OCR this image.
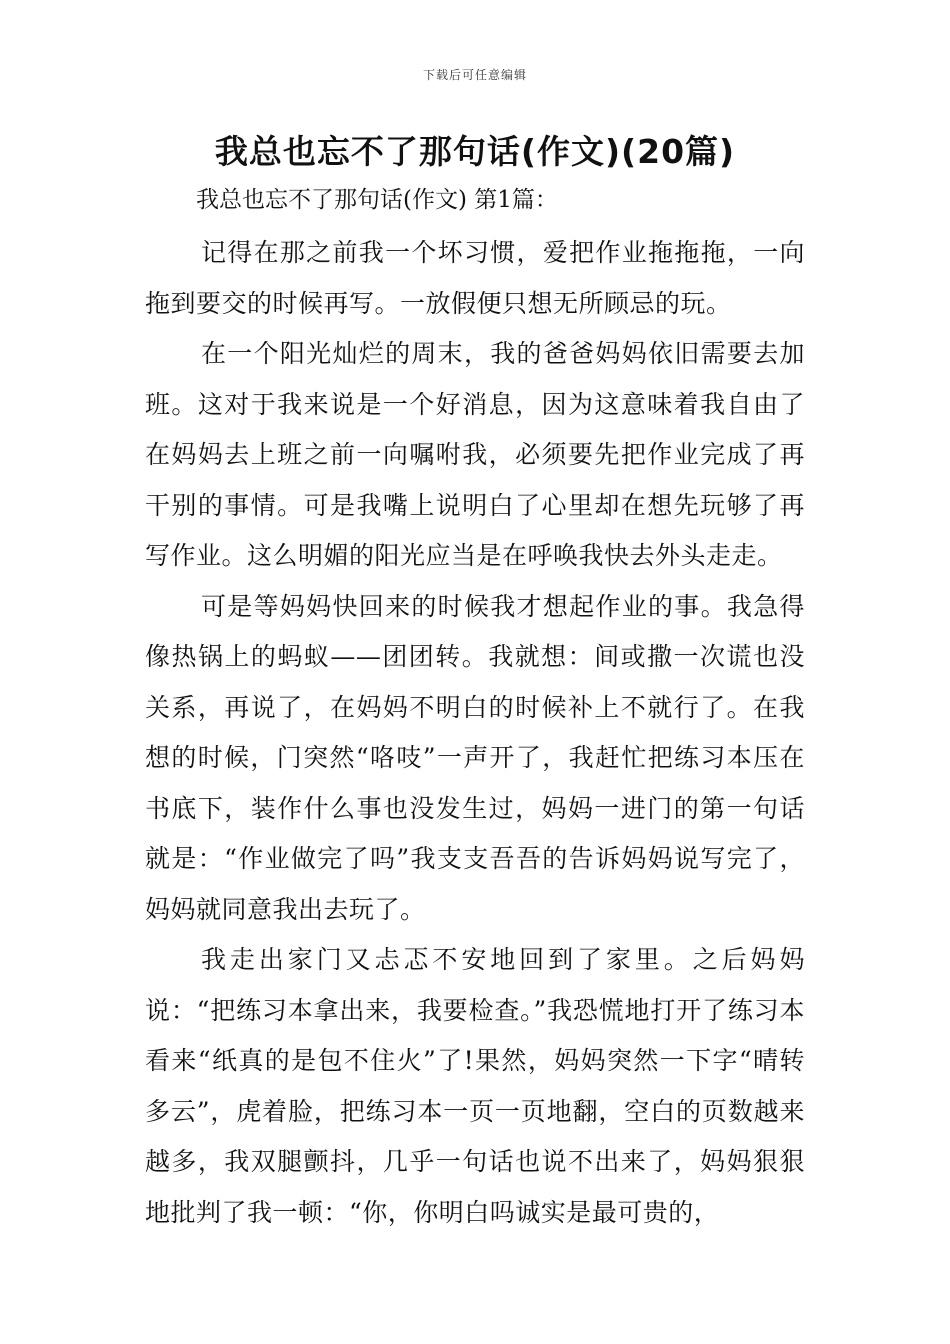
下载后可任意编辑
我总也忘不了那句话(作文)(20篇)

我总也忘不了那句话(作文) 第1篇：

记得在那之前我一个坏习惯，爱把作业拖拖拖，一向拖到要交的时候再写。一放假便只想无所顾忌的玩。

在一个阳光灿烂的周末，我的爸爸妈妈依旧需要去加班。这对于我来说是一个好消息，因为这意味着我自由了在妈妈去上班之前一向嘱咐我，必须要先把作业完成了再干别的事情。可是我嘴上说明白了心里却在想先玩够了再写作业。这么明媚的阳光应当是在呼唤我快去外头走走。

可是等妈妈快回来的时候我才想起作业的事。我急得像热锅上的蚂蚁——团团转。我就想：间或撒一次谎也没关系，再说了，在妈妈不明白的时候补上不就行了。在我想的时候，门突然“咯吱”一声开了，我赶忙把练习本压在书底下，装作什么事也没发生过，妈妈一进门的第一句话就是：“作业做完了吗”我支支吾吾的告诉妈妈说写完了，妈妈就同意我出去玩了。

我走出家门又忐忑不安地回到了家里。之后妈妈说：“把练习本拿出来，我要检查。”我恐慌地打开了练习本看来“纸真的是包不住火”了!果然，妈妈突然一下字“晴转多云”，虎着脸，把练习本一页一页地翻，空白的页数越来越多，我双腿颤抖，几乎一句话也说不出来了，妈妈狠狠地批判了我一顿：“你，你明白吗诚实是最可贵的，
